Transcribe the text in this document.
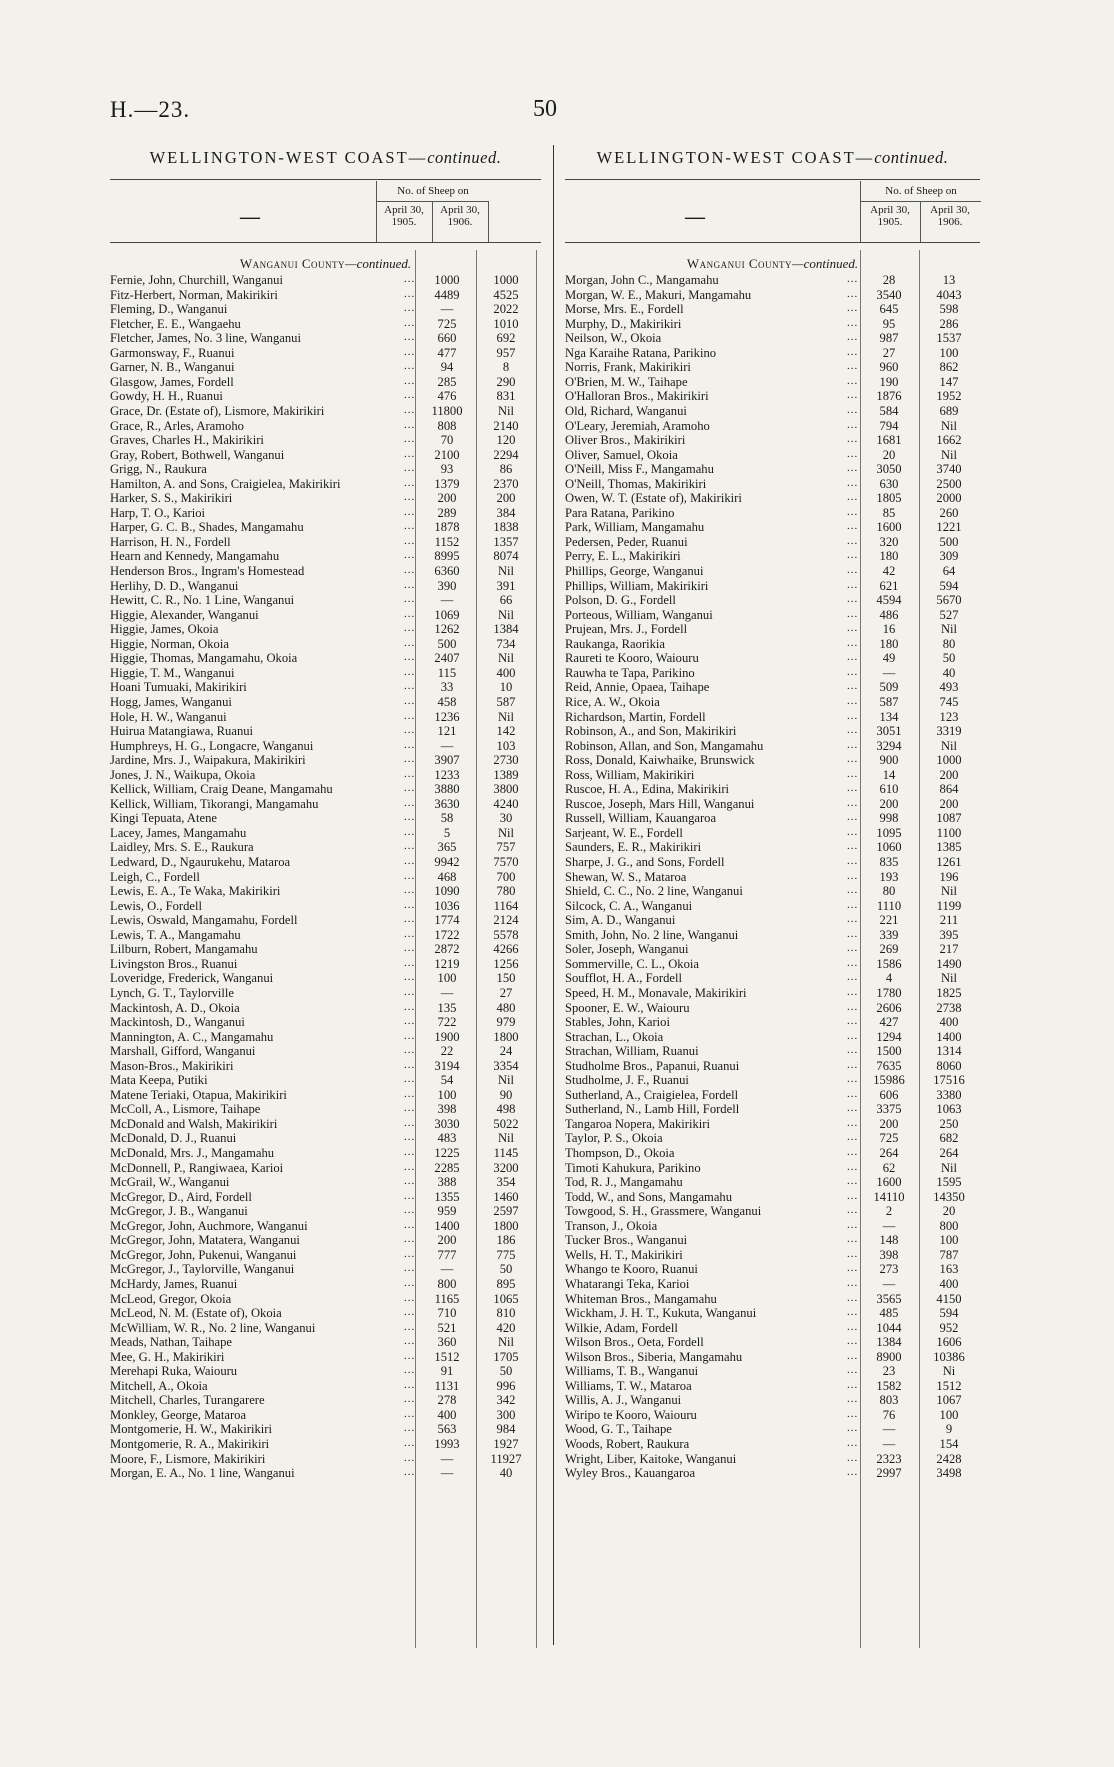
H.—23.	50
WELLINGTON-WEST COAST—continued.
—
No. of Sheep on
April 30,
1905.
April 30,
1906.
Wanganui County—continued.
Fernie, John, Churchill, Wanganui	...	1000	1000
Fitz-Herbert, Norman, Makirikiri	...	4489	4525
Fleming, D., Wanganui	...	—	2022
Fletcher, E. E., Wangaehu	...	725	1010
Fletcher, James, No. 3 line, Wanganui	...	660	692
Garmonsway, F., Ruanui	...	477	957
Garner, N. B., Wanganui	...	94	8
Glasgow, James, Fordell	...	285	290
Gowdy, H. H., Ruanui	...	476	831
Grace, Dr. (Estate of), Lismore, Makirikiri	...	11800	Nil
Grace, R., Arles, Aramoho	...	808	2140
Graves, Charles H., Makirikiri	...	70	120
Gray, Robert, Bothwell, Wanganui	...	2100	2294
Grigg, N., Raukura	...	93	86
Hamilton, A. and Sons, Craigielea, Makirikiri	...	1379	2370
Harker, S. S., Makirikiri	...	200	200
Harp, T. O., Karioi	...	289	384
Harper, G. C. B., Shades, Mangamahu	...	1878	1838
Harrison, H. N., Fordell	...	1152	1357
Hearn and Kennedy, Mangamahu	...	8995	8074
Henderson Bros., Ingram's Homestead	...	6360	Nil
Herlihy, D. D., Wanganui	...	390	391
Hewitt, C. R., No. 1 Line, Wanganui	...	—	66
Higgie, Alexander, Wanganui	...	1069	Nil
Higgie, James, Okoia	...	1262	1384
Higgie, Norman, Okoia	...	500	734
Higgie, Thomas, Mangamahu, Okoia	...	2407	Nil
Higgie, T. M., Wanganui	...	115	400
Hoani Tumuaki, Makirikiri	...	33	10
Hogg, James, Wanganui	...	458	587
Hole, H. W., Wanganui	...	1236	Nil
Huirua Matangiawa, Ruanui	...	121	142
Humphreys, H. G., Longacre, Wanganui	...	—	103
Jardine, Mrs. J., Waipakura, Makirikiri	...	3907	2730
Jones, J. N., Waikupa, Okoia	...	1233	1389
Kellick, William, Craig Deane, Mangamahu	...	3880	3800
Kellick, William, Tikorangi, Mangamahu	...	3630	4240
Kingi Tepuata, Atene	...	58	30
Lacey, James, Mangamahu	...	5	Nil
Laidley, Mrs. S. E., Raukura	...	365	757
Ledward, D., Ngaurukehu, Mataroa	...	9942	7570
Leigh, C., Fordell	...	468	700
Lewis, E. A., Te Waka, Makirikiri	...	1090	780
Lewis, O., Fordell	...	1036	1164
Lewis, Oswald, Mangamahu, Fordell	...	1774	2124
Lewis, T. A., Mangamahu	...	1722	5578
Lilburn, Robert, Mangamahu	...	2872	4266
Livingston Bros., Ruanui	...	1219	1256
Loveridge, Frederick, Wanganui	...	100	150
Lynch, G. T., Taylorville	...	—	27
Mackintosh, A. D., Okoia	...	135	480
Mackintosh, D., Wanganui	...	722	979
Mannington, A. C., Mangamahu	...	1900	1800
Marshall, Gifford, Wanganui	...	22	24
Mason-Bros., Makirikiri	...	3194	3354
Mata Keepa, Putiki	...	54	Nil
Matene Teriaki, Otapua, Makirikiri	...	100	90
McColl, A., Lismore, Taihape	...	398	498
McDonald and Walsh, Makirikiri	...	3030	5022
McDonald, D. J., Ruanui	...	483	Nil
McDonald, Mrs. J., Mangamahu	...	1225	1145
McDonnell, P., Rangiwaea, Karioi	...	2285	3200
McGrail, W., Wanganui	...	388	354
McGregor, D., Aird, Fordell	...	1355	1460
McGregor, J. B., Wanganui	...	959	2597
McGregor, John, Auchmore, Wanganui	...	1400	1800
McGregor, John, Matatera, Wanganui	...	200	186
McGregor, John, Pukenui, Wanganui	...	777	775
McGregor, J., Taylorville, Wanganui	...	—	50
McHardy, James, Ruanui	...	800	895
McLeod, Gregor, Okoia	...	1165	1065
McLeod, N. M. (Estate of), Okoia	...	710	810
McWilliam, W. R., No. 2 line, Wanganui	...	521	420
Meads, Nathan, Taihape	...	360	Nil
Mee, G. H., Makirikiri	...	1512	1705
Merehapi Ruka, Waiouru	...	91	50
Mitchell, A., Okoia	...	1131	996
Mitchell, Charles, Turangarere	...	278	342
Monkley, George, Mataroa	...	400	300
Montgomerie, H. W., Makirikiri	...	563	984
Montgomerie, R. A., Makirikiri	...	1993	1927
Moore, F., Lismore, Makirikiri	...	—	11927
Morgan, E. A., No. 1 line, Wanganui	...	—	40
WELLINGTON-WEST COAST—continued.
—
No. of Sheep on
April 30,
1905.
April 30,
1906.
Wanganui County—continued.
Morgan, John C., Mangamahu	...	28	13
Morgan, W. E., Makuri, Mangamahu	...	3540	4043
Morse, Mrs. E., Fordell	...	645	598
Murphy, D., Makirikiri	...	95	286
Neilson, W., Okoia	...	987	1537
Nga Karaihe Ratana, Parikino	...	27	100
Norris, Frank, Makirikiri	...	960	862
O'Brien, M. W., Taihape	...	190	147
O'Halloran Bros., Makirikiri	...	1876	1952
Old, Richard, Wanganui	...	584	689
O'Leary, Jeremiah, Aramoho	...	794	Nil
Oliver Bros., Makirikiri	...	1681	1662
Oliver, Samuel, Okoia	...	20	Nil
O'Neill, Miss F., Mangamahu	...	3050	3740
O'Neill, Thomas, Makirikiri	...	630	2500
Owen, W. T. (Estate of), Makirikiri	...	1805	2000
Para Ratana, Parikino	...	85	260
Park, William, Mangamahu	...	1600	1221
Pedersen, Peder, Ruanui	...	320	500
Perry, E. L., Makirikiri	...	180	309
Phillips, George, Wanganui	...	42	64
Phillips, William, Makirikiri	...	621	594
Polson, D. G., Fordell	...	4594	5670
Porteous, William, Wanganui	...	486	527
Prujean, Mrs. J., Fordell	...	16	Nil
Raukanga, Raorikia	...	180	80
Raureti te Kooro, Waiouru	...	49	50
Rauwha te Tapa, Parikino	...	—	40
Reid, Annie, Opaea, Taihape	...	509	493
Rice, A. W., Okoia	...	587	745
Richardson, Martin, Fordell	...	134	123
Robinson, A., and Son, Makirikiri	...	3051	3319
Robinson, Allan, and Son, Mangamahu	...	3294	Nil
Ross, Donald, Kaiwhaike, Brunswick	...	900	1000
Ross, William, Makirikiri	...	14	200
Ruscoe, H. A., Edina, Makirikiri	...	610	864
Ruscoe, Joseph, Mars Hill, Wanganui	...	200	200
Russell, William, Kauangaroa	...	998	1087
Sarjeant, W. E., Fordell	...	1095	1100
Saunders, E. R., Makirikiri	...	1060	1385
Sharpe, J. G., and Sons, Fordell	...	835	1261
Shewan, W. S., Mataroa	...	193	196
Shield, C. C., No. 2 line, Wanganui	...	80	Nil
Silcock, C. A., Wanganui	...	1110	1199
Sim, A. D., Wanganui	...	221	211
Smith, John, No. 2 line, Wanganui	...	339	395
Soler, Joseph, Wanganui	...	269	217
Sommerville, C. L., Okoia	...	1586	1490
Soufflot, H. A., Fordell	...	4	Nil
Speed, H. M., Monavale, Makirikiri	...	1780	1825
Spooner, E. W., Waiouru	...	2606	2738
Stables, John, Karioi	...	427	400
Strachan, L., Okoia	...	1294	1400
Strachan, William, Ruanui	...	1500	1314
Studholme Bros., Papanui, Ruanui	...	7635	8060
Studholme, J. F., Ruanui	...	15986	17516
Sutherland, A., Craigielea, Fordell	...	606	3380
Sutherland, N., Lamb Hill, Fordell	...	3375	1063
Tangaroa Nopera, Makirikiri	...	200	250
Taylor, P. S., Okoia	...	725	682
Thompson, D., Okoia	...	264	264
Timoti Kahukura, Parikino	...	62	Nil
Tod, R. J., Mangamahu	...	1600	1595
Todd, W., and Sons, Mangamahu	...	14110	14350
Towgood, S. H., Grassmere, Wanganui	...	2	20
Transon, J., Okoia	...	—	800
Tucker Bros., Wanganui	...	148	100
Wells, H. T., Makirikiri	...	398	787
Whango te Kooro, Ruanui	...	273	163
Whatarangi Teka, Karioi	...	—	400
Whiteman Bros., Mangamahu	...	3565	4150
Wickham, J. H. T., Kukuta, Wanganui	...	485	594
Wilkie, Adam, Fordell	...	1044	952
Wilson Bros., Oeta, Fordell	...	1384	1606
Wilson Bros., Siberia, Mangamahu	...	8900	10386
Williams, T. B., Wanganui	...	23	Ni
Williams, T. W., Mataroa	...	1582	1512
Willis, A. J., Wanganui	...	803	1067
Wiripo te Kooro, Waiouru	...	76	100
Wood, G. T., Taihape	...	—	9
Woods, Robert, Raukura	...	—	154
Wright, Liber, Kaitoke, Wanganui	...	2323	2428
Wyley Bros., Kauangaroa	...	2997	3498
